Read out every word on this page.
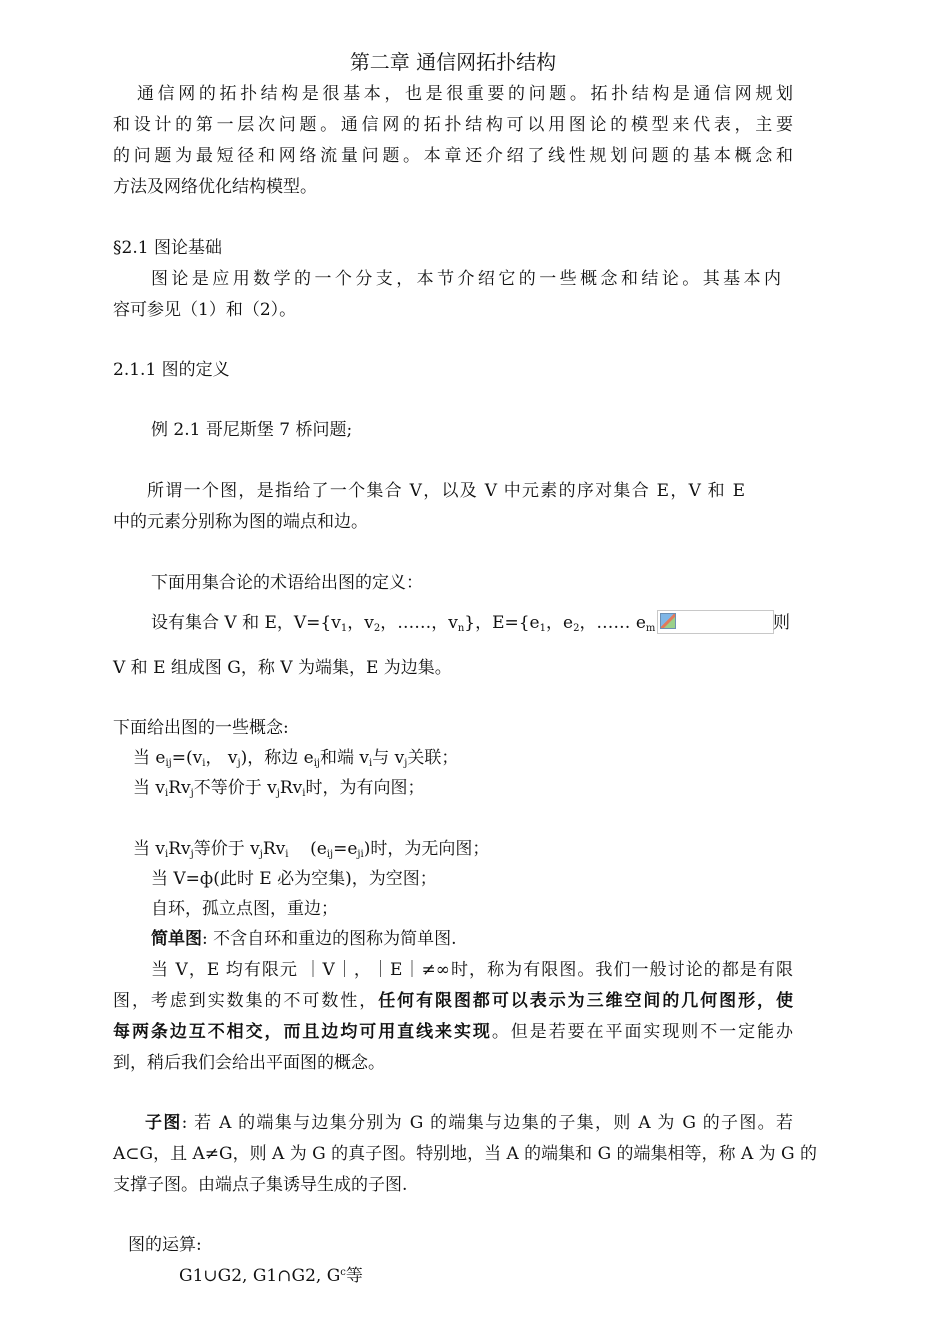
第二章 通信网拓扑结构
通信网的拓扑结构是很基本，也是很重要的问题。拓扑结构是通信网规划
和设计的第一层次问题。通信网的拓扑结构可以用图论的模型来代表，主要
的问题为最短径和网络流量问题。本章还介绍了线性规划问题的基本概念和
方法及网络优化结构模型。
§2.1 图论基础
图论是应用数学的一个分支，本节介绍它的一些概念和结论。其基本内
容可参见（1）和（2）。
2.1.1 图的定义
例 2.1 哥尼斯堡 7 桥问题;
所谓一个图，是指给了一个集合 V，以及 V 中元素的序对集合 E，V 和 E
中的元素分别称为图的端点和边。
下面用集合论的术语给出图的定义：
设有集合 V 和 E，$V=\{v_1$，$v_2$，……，$v_n$}，$E=\{e_1$，$e_2$，…… $e_m$	则
V 和 E 组成图 G，称 V 为端集，E 为边集。
下面给出图的一些概念:
当 $e_{ij}=(v_i$， $v_j$)，称边 $e_{ij}$和端 $v_i$与 $v_j$关联；
当 $v_iRv_j$不等价于 $v_jRv_i$时，为有向图；
当 $v_iRv_j$等价于 $v_jRv_i$    $(e_{ij}=e_{ji})$时，为无向图；
当 V=ф(此时 E 必为空集)，为空图；
自环，孤立点图，重边；
简单图: 不含自环和重边的图称为简单图.
当 V，E 均有限元 ｜V｜，｜E｜≠∞时，称为有限图。我们一般讨论的都是有限
图，考虑到实数集的不可数性，任何有限图都可以表示为三维空间的几何图形，使
每两条边互不相交，而且边均可用直线来实现。但是若要在平面实现则不一定能办
到，稍后我们会给出平面图的概念。
子图: 若 A 的端集与边集分别为 G 的端集与边集的子集，则 A 为 G 的子图。若
A⊂G，且 A≠G，则 A 为 G 的真子图。特别地，当 A 的端集和 G 的端集相等，称 A 为 G 的
支撑子图。由端点子集诱导生成的子图.
图的运算:
G1∪G2, G1∩G2, $G^c$等
